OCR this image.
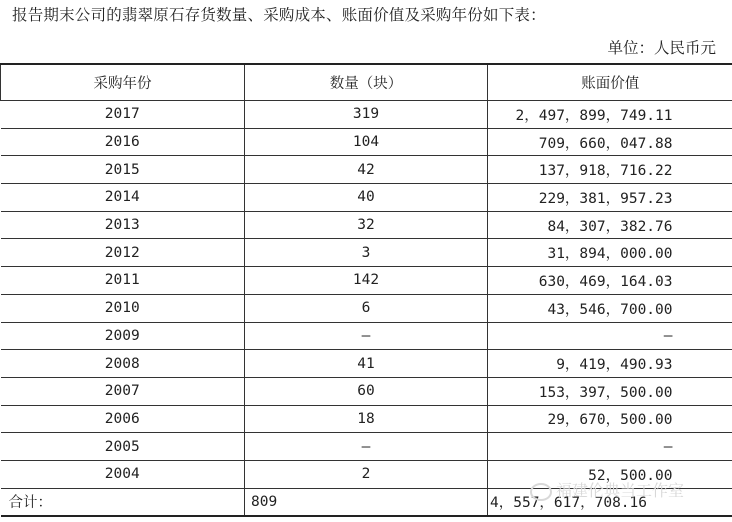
报告期末公司的翡翠原石存货数量、采购成本、账面价值及采购年份如下表：
单位：人民币元
采购年份	数量（块）	账面价值
2017	319	2，497，899，749.11
2016	104	709，660，047.88
2015	42	137，918，716.22
2014	40	229，381，957.23
2013	32	84，307，382.76
2012	3	31，894，000.00
2011	142	630，469，164.03
2010	6	43，546，700.00
2009	–	–
2008	41	9，419，490.93
2007	60	153，397，500.00
2006	18	29，670，500.00
2005	–	–
2004	2	52，500.00
合计：	809	4，557，617，708.16
福建伦典当工作室
